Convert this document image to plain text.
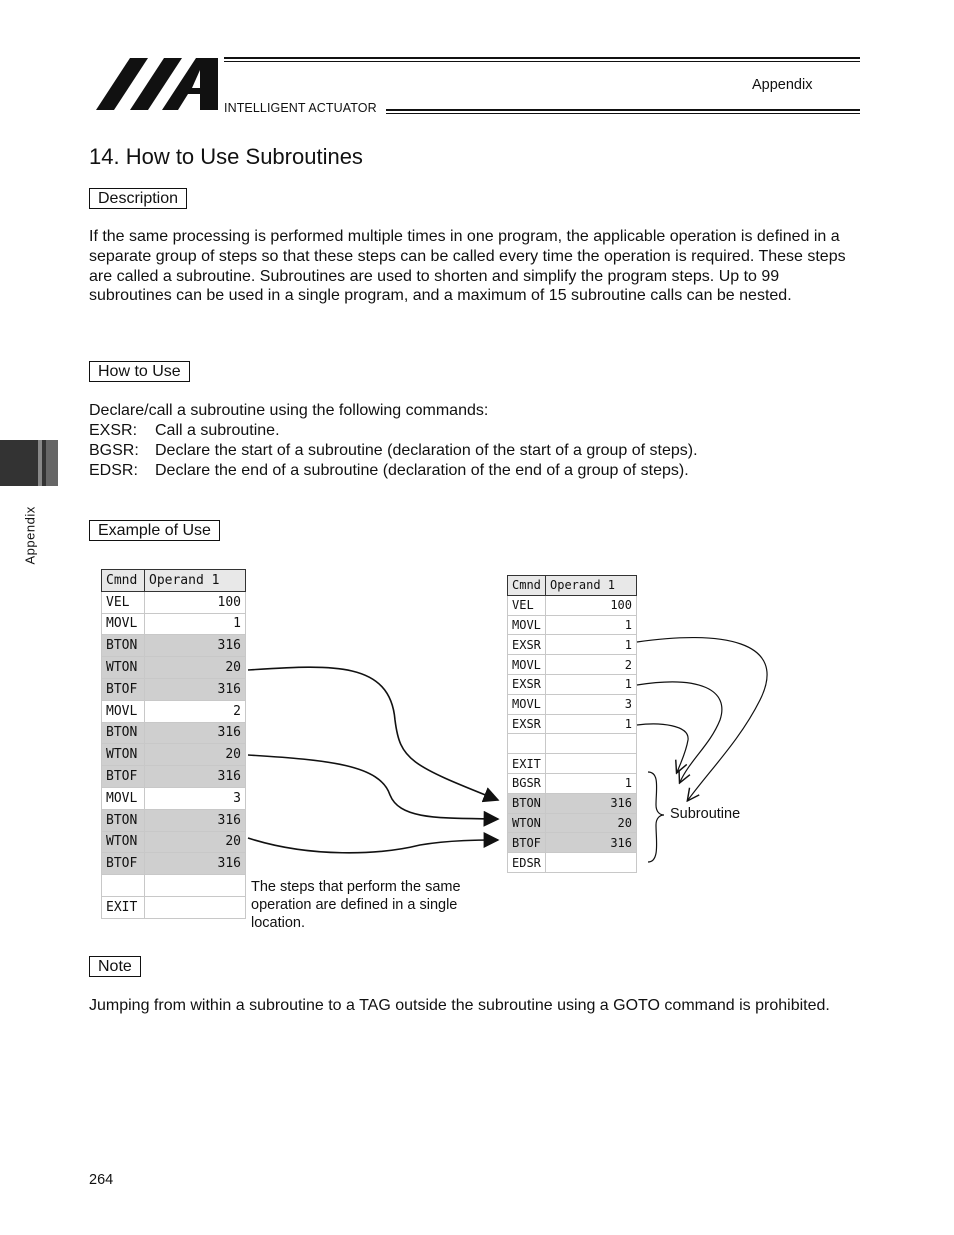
INTELLIGENT ACTUATOR
Appendix
Appendix
14. How to Use Subroutines
Description
If the same processing is performed multiple times in one program, the applicable operation is defined in a separate group of steps so that these steps can be called every time the operation is required. These steps are called a subroutine. Subroutines are used to shorten and simplify the program steps. Up to 99 subroutines can be used in a single program, and a maximum of 15 subroutine calls can be nested.
How to Use
Declare/call a subroutine using the following commands:
EXSR: Call a subroutine.
BGSR: Declare the start of a subroutine (declaration of the start of a group of steps).
EDSR: Declare the end of a subroutine (declaration of the end of a group of steps).
Example of Use
Cmnd	Operand 1
VEL	100
MOVL	1
BTON	316
WTON	20
BTOF	316
MOVL	2
BTON	316
WTON	20
BTOF	316
MOVL	3
BTON	316
WTON	20
BTOF	316

EXIT	
Cmnd	Operand 1
VEL	100
MOVL	1
EXSR	1
MOVL	2
EXSR	1
MOVL	3
EXSR	1

EXIT	
BGSR	1
BTON	316
WTON	20
BTOF	316
EDSR	
The steps that perform the same operation are defined in a single location.
Subroutine
Note
Jumping from within a subroutine to a TAG outside the subroutine using a GOTO command is prohibited.
264
